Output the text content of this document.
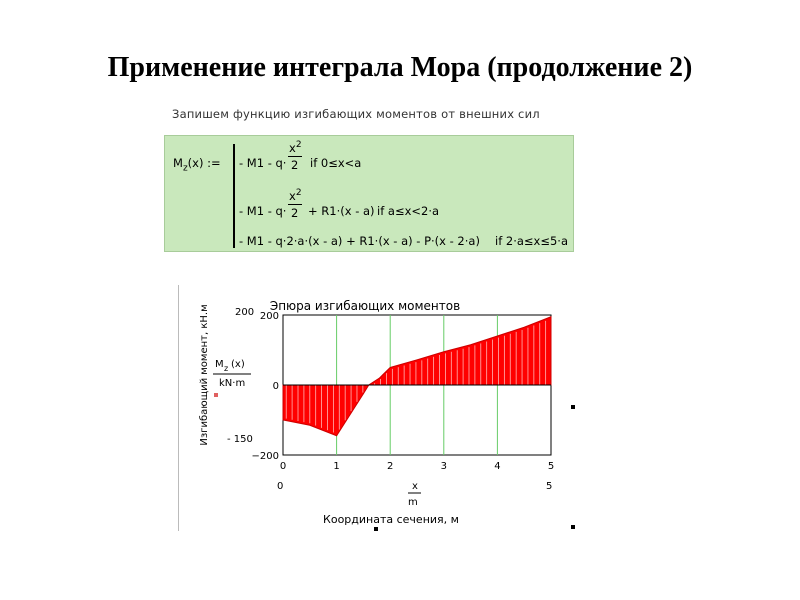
Применение интеграла Мора (продолжение 2)
Запишем функцию изгибающих моментов от внешних сил
$M_z(x)$ := - M1 - q·
$x^2$
2 if 0≤x<a
- M1 - q·
$x^2$
2 + R1·(x - a) if a≤x<2·a
- M1 - q·2·a·(x - a) + R1·(x - a) - P·(x - 2·a) if 2·a≤x≤5·a
200
0
−200
0	1	2	3	4	5
Эпюра изгибающих моментов
Изгибающий момент, кН.м
Координата сечения, м
M z (x)
kN·m
200
- 150
x
m
0	5
